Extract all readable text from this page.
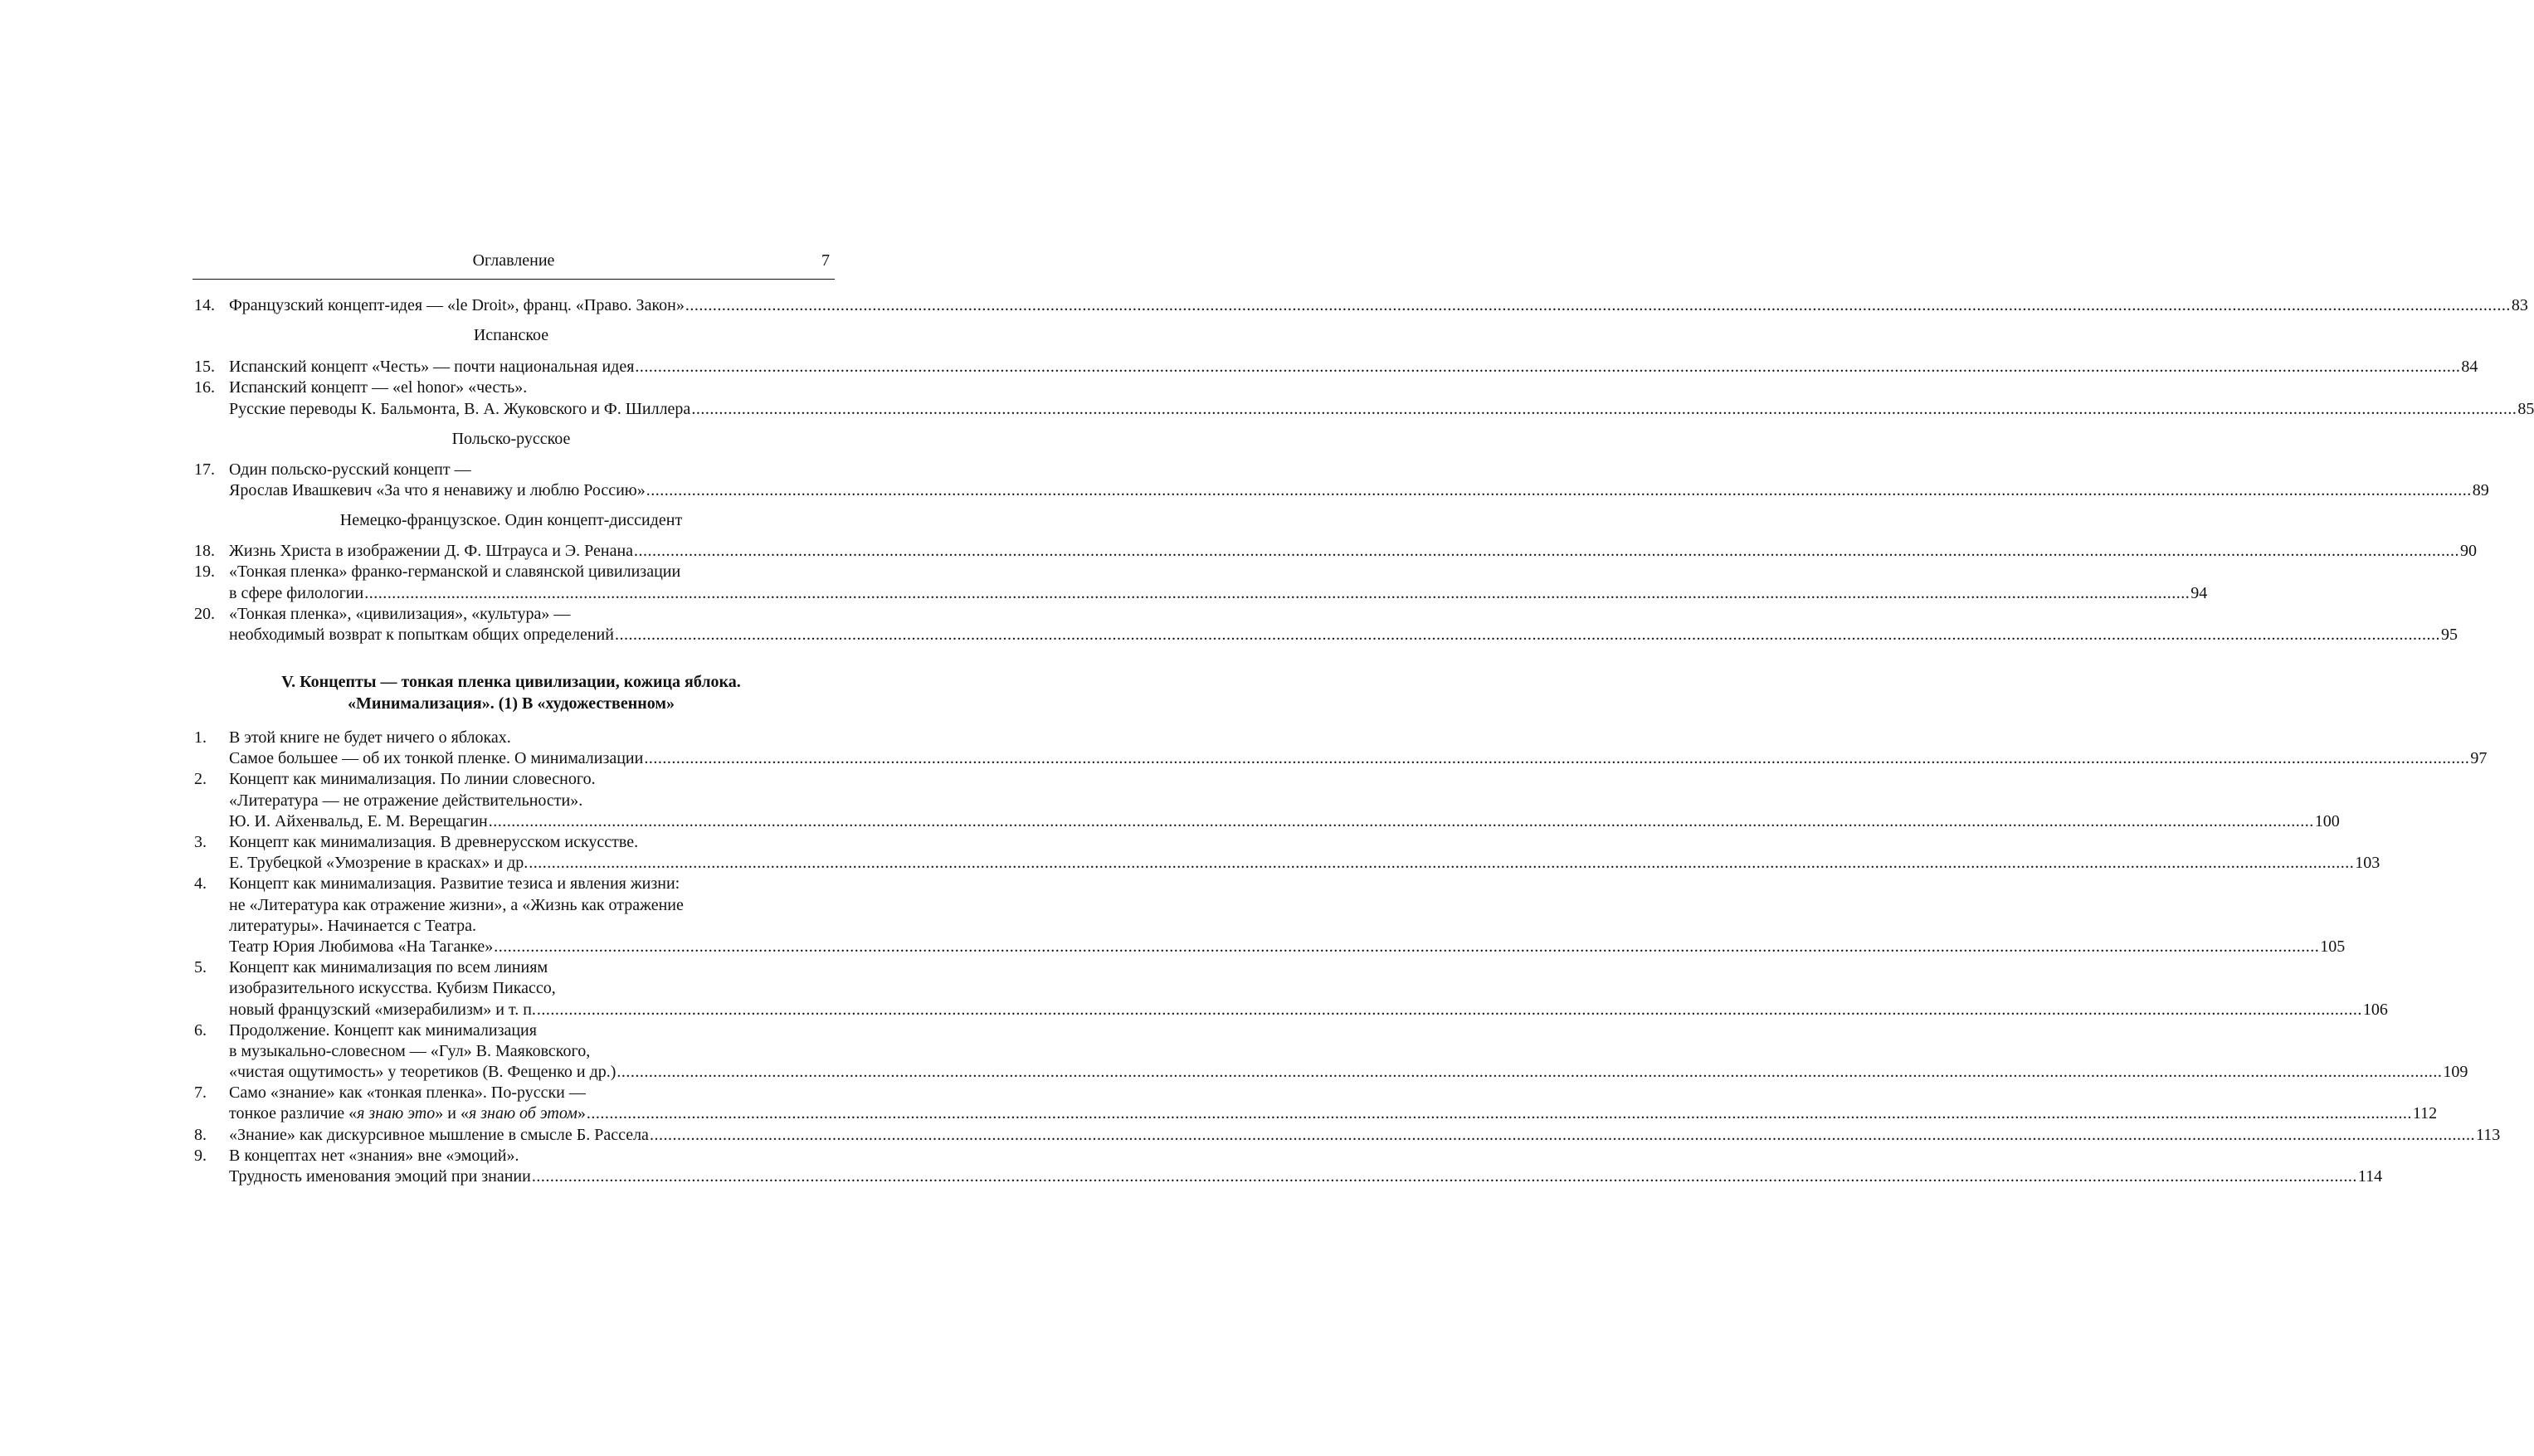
Оглавление	7
14. Французский концепт-идея — «le Droit», франц. «Право. Закон» ................................................................................................................................................................................................................................................................................................................................................................................................................ 83
Испанское
15. Испанский концепт «Честь» — почти национальная идея ................................................................................................................................................................................................................................................................................................................................................................................................................ 84
16. Испанский концепт — «el honor» «честь».
Русские переводы К. Бальмонта, В. А. Жуковского и Ф. Шиллера ................................................................................................................................................................................................................................................................................................................................................................................................................ 85
Польско-русское
17. Один польско-русский концепт —
Ярослав Ивашкевич «За что я ненавижу и люблю Россию» ................................................................................................................................................................................................................................................................................................................................................................................................................ 89
Немецко-французское. Один концепт-диссидент
18. Жизнь Христа в изображении Д. Ф. Штрауса и Э. Ренана ................................................................................................................................................................................................................................................................................................................................................................................................................ 90
19. «Тонкая пленка» франко-германской и славянской цивилизации
в сфере филологии ................................................................................................................................................................................................................................................................................................................................................................................................................ 94
20. «Тонкая пленка», «цивилизация», «культура» —
необходимый возврат к попыткам общих определений ................................................................................................................................................................................................................................................................................................................................................................................................................ 95
V. Концепты — тонкая пленка цивилизации, кожица яблока.
«Минимализация». (1) В «художественном»
1. В этой книге не будет ничего о яблоках.
Самое большее — об их тонкой пленке. О минимализации ................................................................................................................................................................................................................................................................................................................................................................................................................ 97
2. Концепт как минимализация. По линии словесного.
«Литература — не отражение действительности».
Ю. И. Айхенвальд, Е. М. Верещагин ................................................................................................................................................................................................................................................................................................................................................................................................................ 100
3. Концепт как минимализация. В древнерусском искусстве.
Е. Трубецкой «Умозрение в красках» и др. ................................................................................................................................................................................................................................................................................................................................................................................................................ 103
4. Концепт как минимализация. Развитие тезиса и явления жизни:
не «Литература как отражение жизни», а «Жизнь как отражение
литературы». Начинается с Театра.
Театр Юрия Любимова «На Таганке» ................................................................................................................................................................................................................................................................................................................................................................................................................ 105
5. Концепт как минимализация по всем линиям
изобразительного искусства. Кубизм Пикассо,
новый французский «мизерабилизм» и т. п. ................................................................................................................................................................................................................................................................................................................................................................................................................ 106
6. Продолжение. Концепт как минимализация
в музыкально-словесном — «Гул» В. Маяковского,
«чистая ощутимость» у теоретиков (В. Фещенко и др.) ................................................................................................................................................................................................................................................................................................................................................................................................................ 109
7. Само «знание» как «тонкая пленка». По-русски —
тонкое различие «я знаю это» и «я знаю об этом» ................................................................................................................................................................................................................................................................................................................................................................................................................ 112
8. «Знание» как дискурсивное мышление в смысле Б. Рассела ................................................................................................................................................................................................................................................................................................................................................................................................................ 113
9. В концептах нет «знания» вне «эмоций».
Трудность именования эмоций при знании ................................................................................................................................................................................................................................................................................................................................................................................................................ 114
